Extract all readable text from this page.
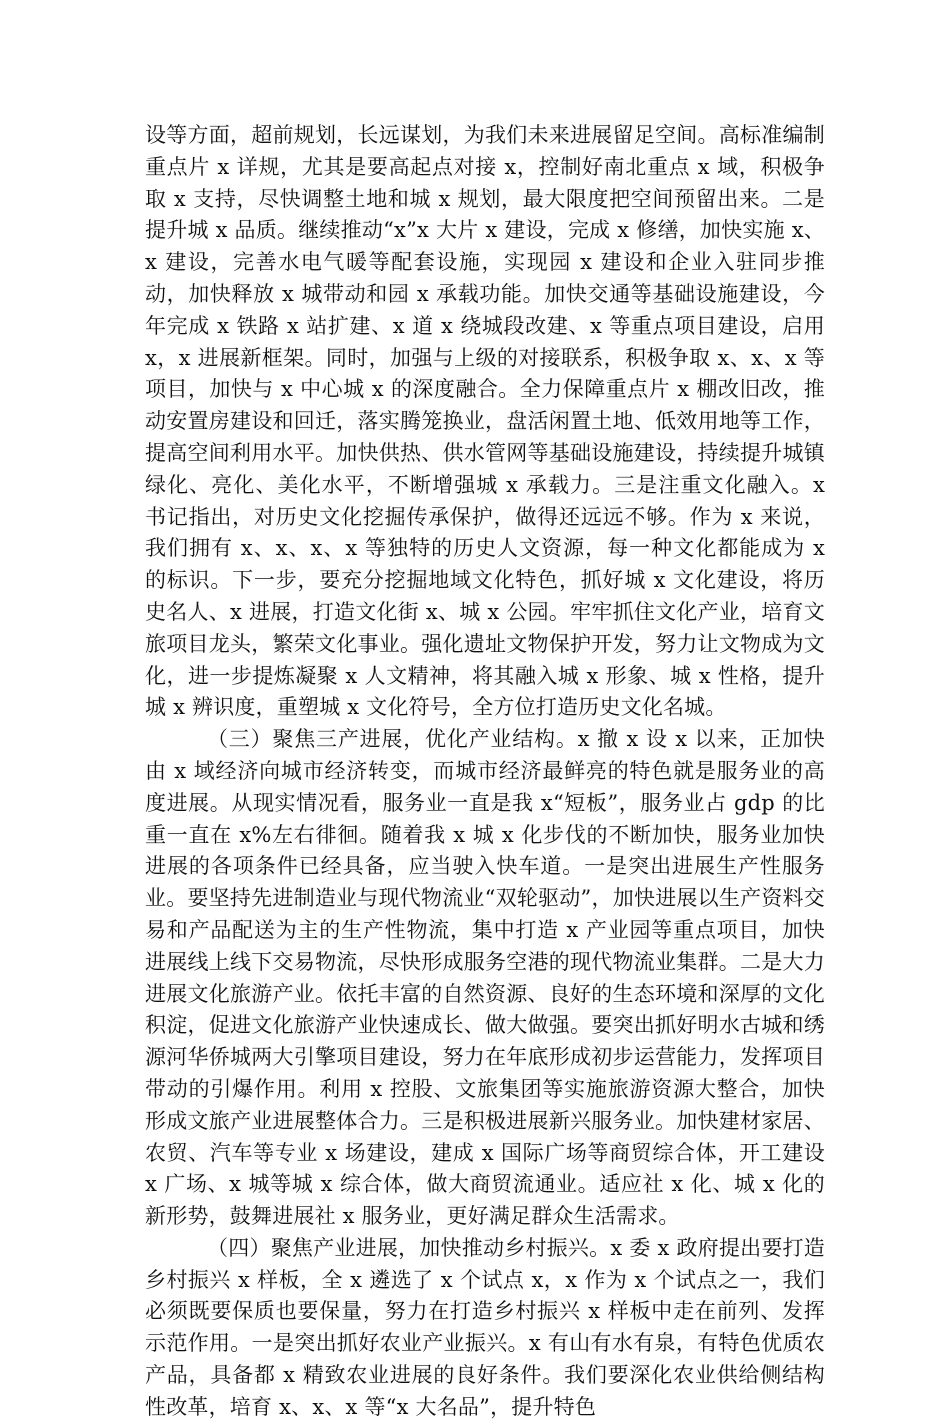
设等方面，超前规划，长远谋划，为我们未来进展留足空间。高标准编制重点片 x 详规，尤其是要高起点对接 x，控制好南北重点 x 域，积极争取 x 支持，尽快调整土地和城 x 规划，最大限度把空间预留出来。二是提升城 x 品质。继续推动“x”x 大片 x 建设，完成 x 修缮，加快实施 x、x 建设，完善水电气暖等配套设施，实现园 x 建设和企业入驻同步推动，加快释放 x 城带动和园 x 承载功能。加快交通等基础设施建设，今年完成 x 铁路 x 站扩建、x 道 x 绕城段改建、x 等重点项目建设，启用 x，x 进展新框架。同时，加强与上级的对接联系，积极争取 x、x、x 等项目，加快与 x 中心城 x 的深度融合。全力保障重点片 x 棚改旧改，推动安置房建设和回迁，落实腾笼换业，盘活闲置土地、低效用地等工作，提高空间利用水平。加快供热、供水管网等基础设施建设，持续提升城镇绿化、亮化、美化水平，不断增强城 x 承载力。三是注重文化融入。x 书记指出，对历史文化挖掘传承保护，做得还远远不够。作为 x 来说，我们拥有 x、x、x、x 等独特的历史人文资源，每一种文化都能成为 x 的标识。下一步，要充分挖掘地域文化特色，抓好城 x 文化建设，将历史名人、x 进展，打造文化街 x、城 x 公园。牢牢抓住文化产业，培育文旅项目龙头，繁荣文化事业。强化遗址文物保护开发，努力让文物成为文化，进一步提炼凝聚 x 人文精神，将其融入城 x 形象、城 x 性格，提升城 x 辨识度，重塑城 x 文化符号，全方位打造历史文化名城。

（三）聚焦三产进展，优化产业结构。x 撤 x 设 x 以来，正加快由 x 域经济向城市经济转变，而城市经济最鲜亮的特色就是服务业的高度进展。从现实情况看，服务业一直是我 x“短板”，服务业占 gdp 的比重一直在 x%左右徘徊。随着我 x 城 x 化步伐的不断加快，服务业加快进展的各项条件已经具备，应当驶入快车道。一是突出进展生产性服务业。要坚持先进制造业与现代物流业“双轮驱动”，加快进展以生产资料交易和产品配送为主的生产性物流，集中打造 x 产业园等重点项目，加快进展线上线下交易物流，尽快形成服务空港的现代物流业集群。二是大力进展文化旅游产业。依托丰富的自然资源、良好的生态环境和深厚的文化积淀，促进文化旅游产业快速成长、做大做强。要突出抓好明水古城和绣源河华侨城两大引擎项目建设，努力在年底形成初步运营能力，发挥项目带动的引爆作用。利用 x 控股、文旅集团等实施旅游资源大整合，加快形成文旅产业进展整体合力。三是积极进展新兴服务业。加快建材家居、农贸、汽车等专业 x 场建设，建成 x 国际广场等商贸综合体，开工建设 x 广场、x 城等城 x 综合体，做大商贸流通业。适应社 x 化、城 x 化的新形势，鼓舞进展社 x 服务业，更好满足群众生活需求。

（四）聚焦产业进展，加快推动乡村振兴。x 委 x 政府提出要打造乡村振兴 x 样板，全 x 遴选了 x 个试点 x，x 作为 x 个试点之一，我们必须既要保质也要保量，努力在打造乡村振兴 x 样板中走在前列、发挥示范作用。一是突出抓好农业产业振兴。x 有山有水有泉，有特色优质农产品，具备都 x 精致农业进展的良好条件。我们要深化农业供给侧结构性改革，培育 x、x、x 等“x 大名品”，提升特色
